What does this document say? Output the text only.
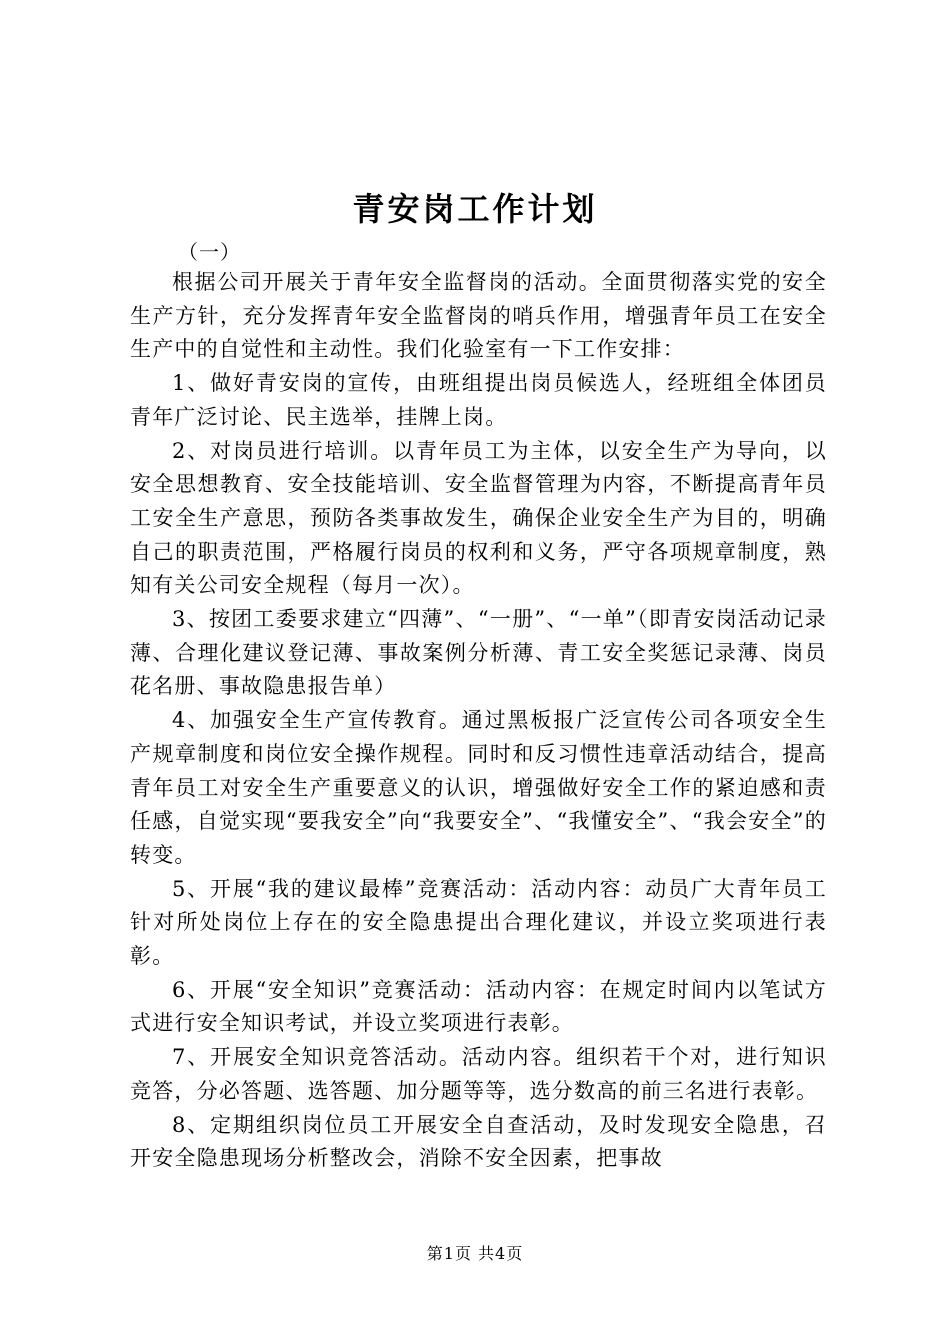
青安岗工作计划
（一）

根据公司开展关于青年安全监督岗的活动。全面贯彻落实党的安全生产方针，充分发挥青年安全监督岗的哨兵作用，增强青年员工在安全生产中的自觉性和主动性。我们化验室有一下工作安排：

1、做好青安岗的宣传，由班组提出岗员候选人，经班组全体团员青年广泛讨论、民主选举，挂牌上岗。

2、对岗员进行培训。以青年员工为主体，以安全生产为导向，以安全思想教育、安全技能培训、安全监督管理为内容，不断提高青年员工安全生产意思，预防各类事故发生，确保企业安全生产为目的，明确自己的职责范围，严格履行岗员的权利和义务，严守各项规章制度，熟知有关公司安全规程（每月一次）。

3、按团工委要求建立“四薄”、“一册”、“一单”（即青安岗活动记录薄、合理化建议登记薄、事故案例分析薄、青工安全奖惩记录薄、岗员花名册、事故隐患报告单）

4、加强安全生产宣传教育。通过黑板报广泛宣传公司各项安全生产规章制度和岗位安全操作规程。同时和反习惯性违章活动结合，提高青年员工对安全生产重要意义的认识，增强做好安全工作的紧迫感和责任感，自觉实现“要我安全”向“我要安全”、“我懂安全”、“我会安全”的转变。

5、开展“我的建议最棒”竞赛活动：活动内容：动员广大青年员工针对所处岗位上存在的安全隐患提出合理化建议，并设立奖项进行表彰。

6、开展“安全知识”竞赛活动：活动内容：在规定时间内以笔试方式进行安全知识考试，并设立奖项进行表彰。

7、开展安全知识竞答活动。活动内容。组织若干个对，进行知识竞答，分必答题、选答题、加分题等等，选分数高的前三名进行表彰。

8、定期组织岗位员工开展安全自查活动，及时发现安全隐患，召开安全隐患现场分析整改会，消除不安全因素，把事故

第1页 共4页
